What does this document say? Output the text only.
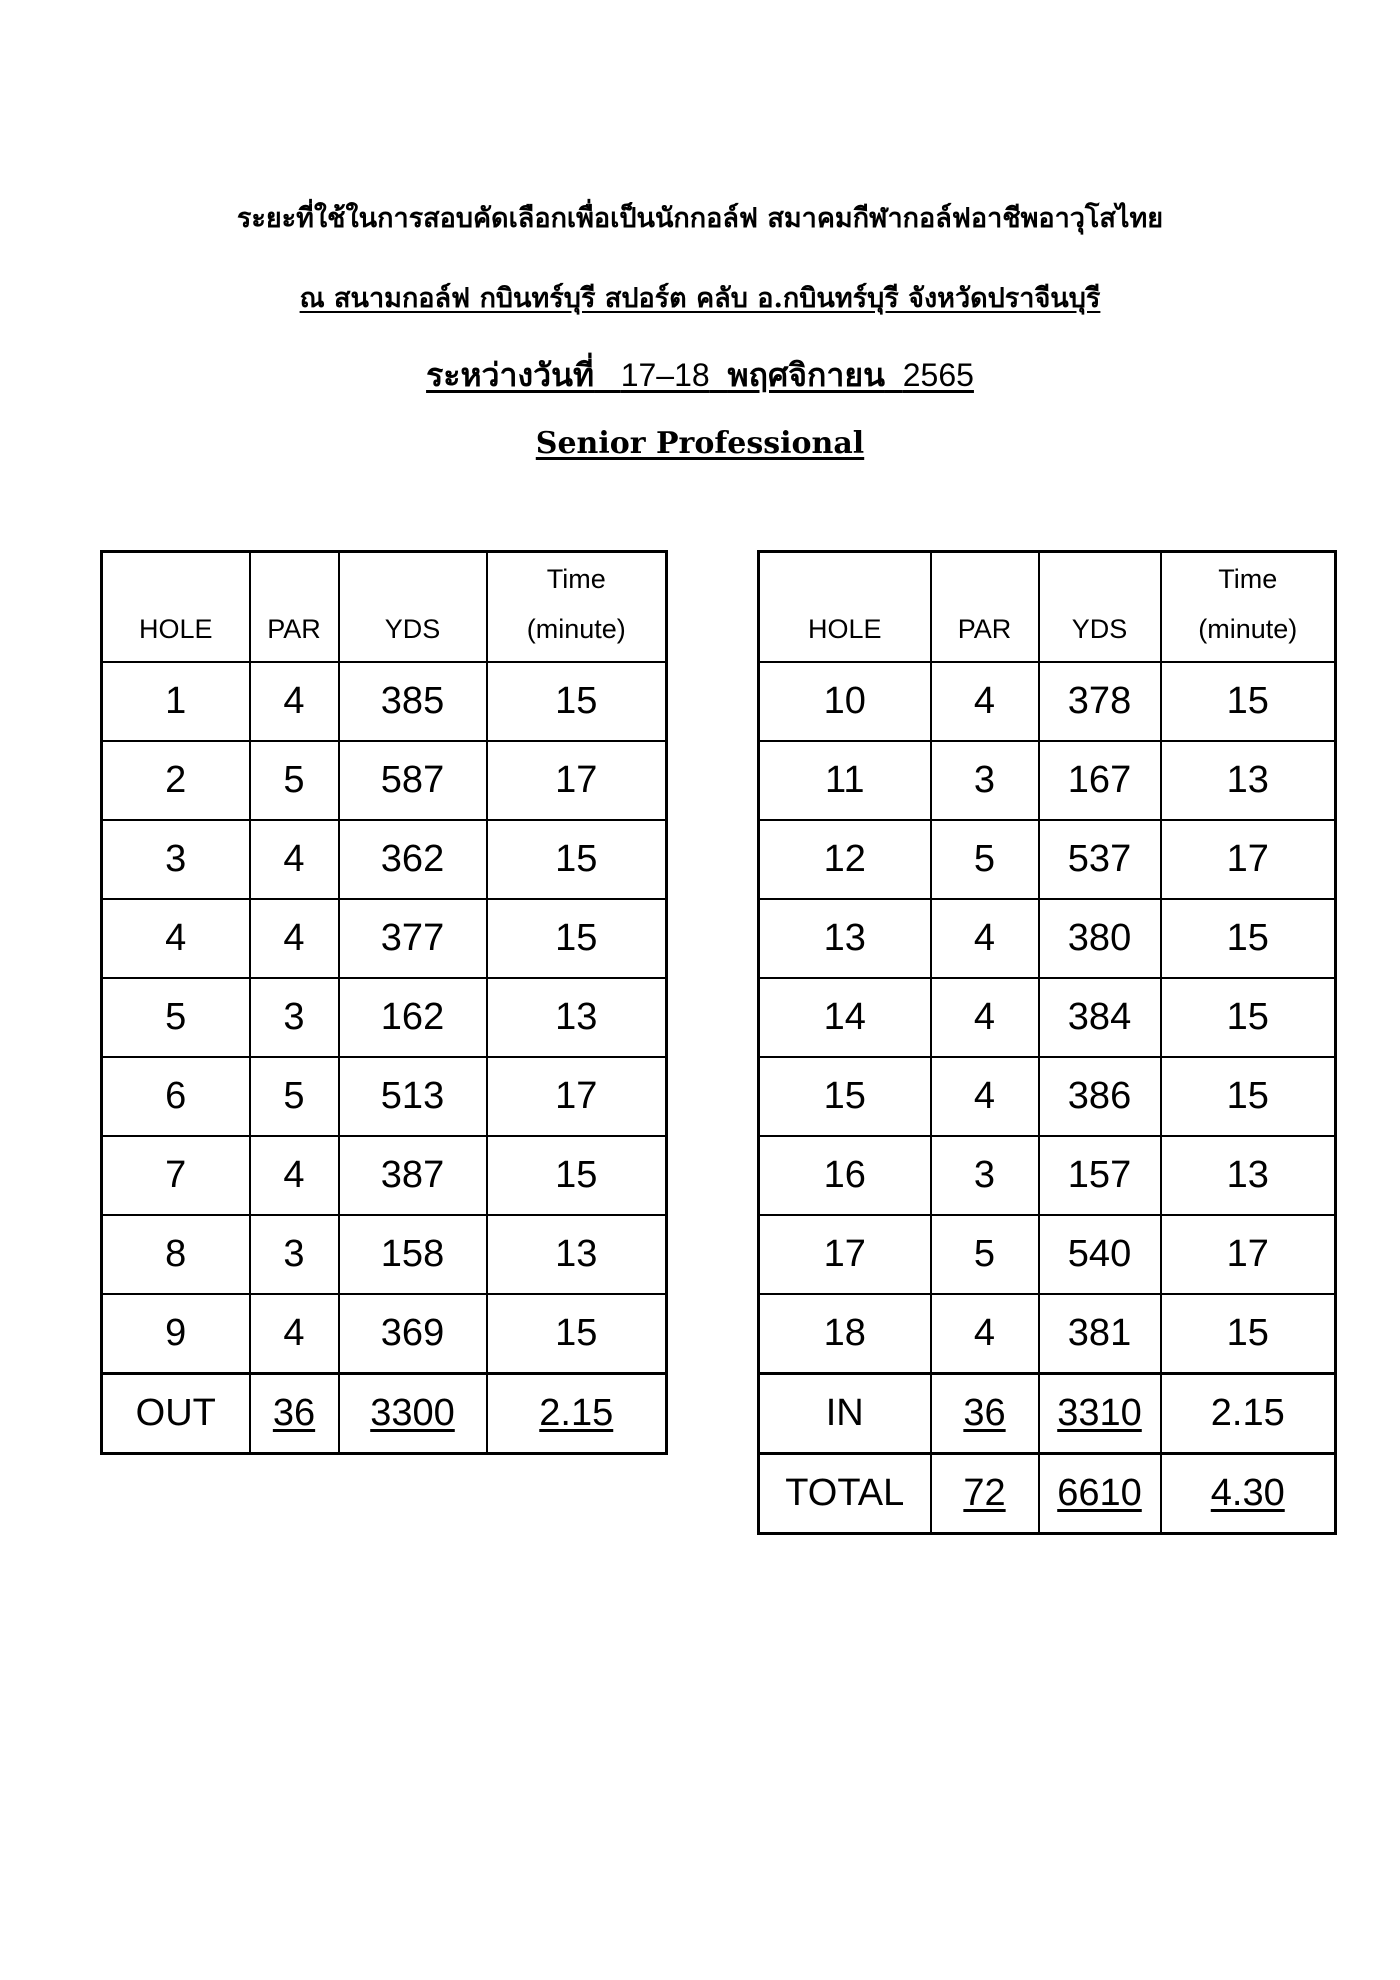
ระยะที่ใช้ในการสอบคัดเลือกเพื่อเป็นนักกอล์ฟ สมาคมกีฬากอล์ฟอาชีพอาวุโสไทย
ณ สนามกอล์ฟ กบินทร์บุรี สปอร์ต คลับ อ.กบินทร์บุรี จังหวัดปราจีนบุรี
ระหว่างวันที่ 17–18 พฤศจิกายน 2565
Senior Professional
HOLE	PAR	YDS	Time
(minute)

1	4	385	15
2	5	587	17
3	4	362	15
4	4	377	15
5	3	162	13
6	5	513	17
7	4	387	15
8	3	158	13
9	4	369	15
OUT	36	3300	2.15
HOLE	PAR	YDS	Time
(minute)

10	4	378	15
11	3	167	13
12	5	537	17
13	4	380	15
14	4	384	15
15	4	386	15
16	3	157	13
17	5	540	17
18	4	381	15
IN	36	3310	2.15
TOTAL	72	6610	4.30
